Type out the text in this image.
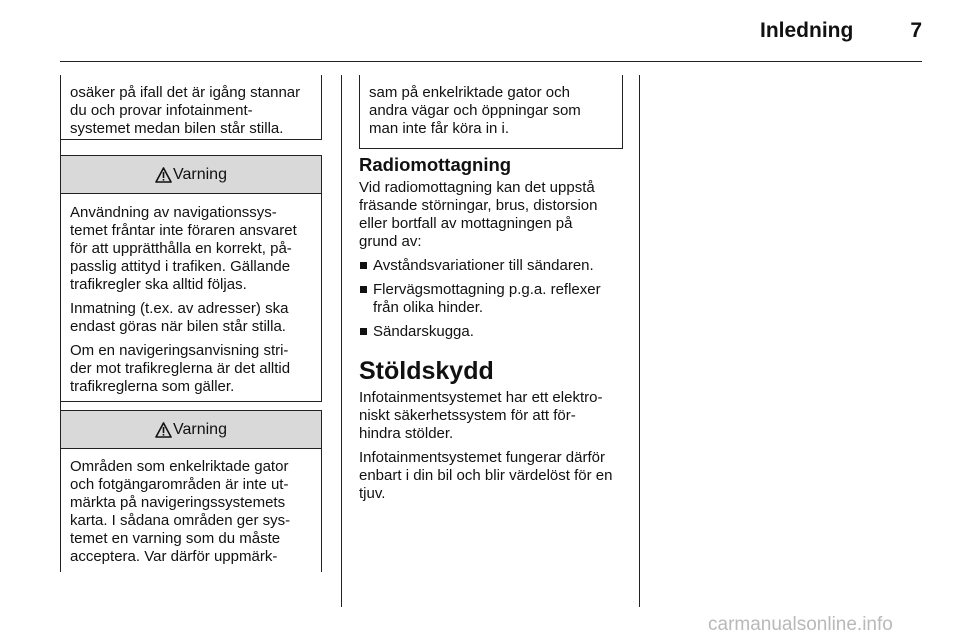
Inledning	7
osäker på ifall det är igång stannar
du och provar infotainment-
systemet medan bilen står stilla.
Varning

Användning av navigationssys-
temet fråntar inte föraren ansvaret
för att upprätthålla en korrekt, på-
passlig attityd i trafiken. Gällande
trafikregler ska alltid följas.

Inmatning (t.ex. av adresser) ska
endast göras när bilen står stilla.

Om en navigeringsanvisning stri-
der mot trafikreglerna är det alltid
trafikreglerna som gäller.

Varning
Områden som enkelriktade gator
och fotgängarområden är inte ut-
märkta på navigeringssystemets
karta. I sådana områden ger sys-
temet en varning som du måste
acceptera. Var därför uppmärk-
sam på enkelriktade gator och
andra vägar och öppningar som
man inte får köra in i.
Radiomottagning
Vid radiomottagning kan det uppstå
fräsande störningar, brus, distorsion
eller bortfall av mottagningen på
grund av:
Avståndsvariationer till sändaren.
Flervägsmottagning p.g.a. reflexer
från olika hinder.
Sändarskugga.
Stöldskydd

Infotainmentsystemet har ett elektro-
niskt säkerhetssystem för att för-
hindra stölder.

Infotainmentsystemet fungerar därför
enbart i din bil och blir värdelöst för en
tjuv.

carmanualsonline.info
